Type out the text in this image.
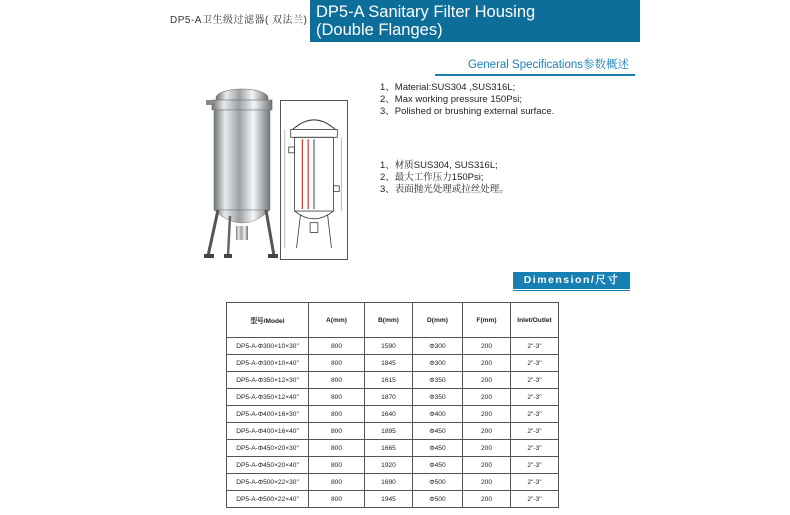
DP5-A卫生级过滤器( 双法兰) DP5-A Sanitary Filter Housing
(Double Flanges)
General Specifications参数概述
1、Material:SUS304 ,SUS316L;
2、Max working pressure 150Psi;
3、Polished or brushing external surface.
1、材质SUS304, SUS316L;
2、最大工作压力150Psi;
3、表面抛光处理或拉丝处理。
Dimension/尺寸
型号/Model	A(mm)	B(mm)	D(mm)	F(mm)	Inlet/Outlet
DP5-A-Φ300×10×30"	800	1590	Φ300	200	2"-3"
DP5-A-Φ300×10×40"	800	1845	Φ300	200	2"-3"
DP5-A-Φ350×12×30"	800	1615	Φ350	200	2"-3"
DP5-A-Φ350×12×40"	800	1870	Φ350	200	2"-3"
DP5-A-Φ400×16×30"	800	1640	Φ400	200	2"-3"
DP5-A-Φ400×16×40"	800	1895	Φ450	200	2"-3"
DP5-A-Φ450×20×30"	800	1665	Φ450	200	2"-3"
DP5-A-Φ450×20×40"	800	1920	Φ450	200	2"-3"
DP5-A-Φ500×22×30"	800	1690	Φ500	200	2"-3"
DP5-A-Φ500×22×40"	800	1945	Φ500	200	2"-3"
